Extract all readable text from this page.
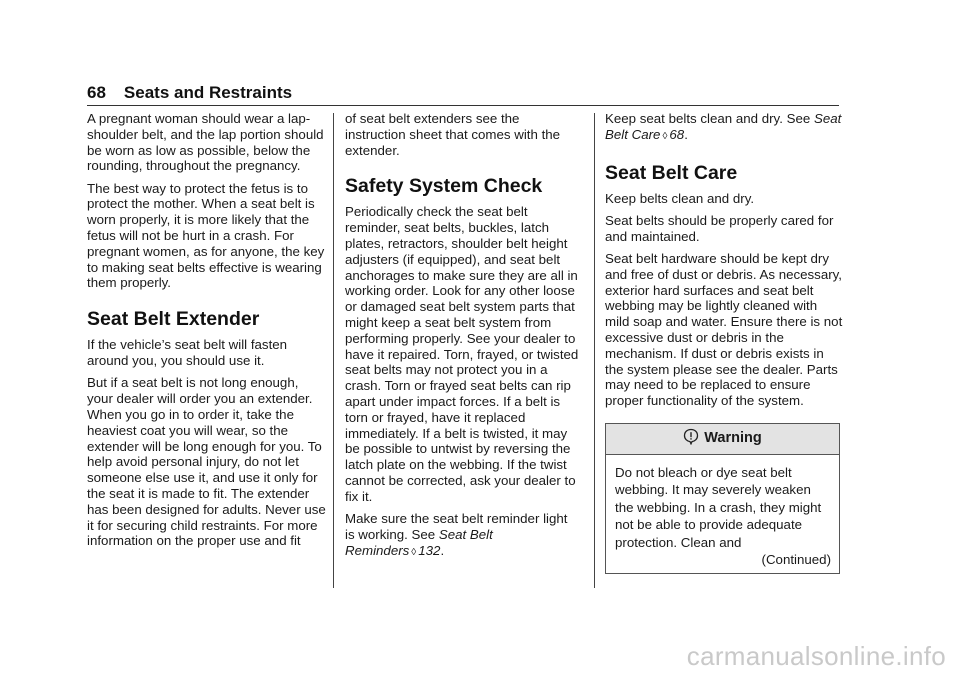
68 Seats and Restraints

A pregnant woman should wear a lap-shoulder belt, and the lap portion should be worn as low as possible, below the rounding, throughout the pregnancy.

The best way to protect the fetus is to protect the mother. When a seat belt is worn properly, it is more likely that the fetus will not be hurt in a crash. For pregnant women, as for anyone, the key to making seat belts effective is wearing them properly.

Seat Belt Extender

If the vehicle’s seat belt will fasten around you, you should use it.

But if a seat belt is not long enough, your dealer will order you an extender. When you go in to order it, take the heaviest coat you will wear, so the extender will be long enough for you. To help avoid personal injury, do not let someone else use it, and use it only for the seat it is made to fit. The extender has been designed for adults. Never use it for securing child restraints. For more information on the proper use and fit

of seat belt extenders see the instruction sheet that comes with the extender.

Safety System Check

Periodically check the seat belt reminder, seat belts, buckles, latch plates, retractors, shoulder belt height adjusters (if equipped), and seat belt anchorages to make sure they are all in working order. Look for any other loose or damaged seat belt system parts that might keep a seat belt system from performing properly. See your dealer to have it repaired. Torn, frayed, or twisted seat belts may not protect you in a crash. Torn or frayed seat belts can rip apart under impact forces. If a belt is torn or frayed, have it replaced immediately. If a belt is twisted, it may be possible to untwist by reversing the latch plate on the webbing. If the twist cannot be corrected, ask your dealer to fix it.

Make sure the seat belt reminder light is working. See Seat Belt Reminders ◊ 132.

Keep seat belts clean and dry. See Seat Belt Care ◊ 68.

Seat Belt Care

Keep belts clean and dry.

Seat belts should be properly cared for and maintained.

Seat belt hardware should be kept dry and free of dust or debris. As necessary, exterior hard surfaces and seat belt webbing may be lightly cleaned with mild soap and water. Ensure there is not excessive dust or debris in the mechanism. If dust or debris exists in the system please see the dealer. Parts may need to be replaced to ensure proper functionality of the system.

Warning
Do not bleach or dye seat belt webbing. It may severely weaken the webbing. In a crash, they might not be able to provide adequate protection. Clean and
(Continued)
carmanualsonline.info
